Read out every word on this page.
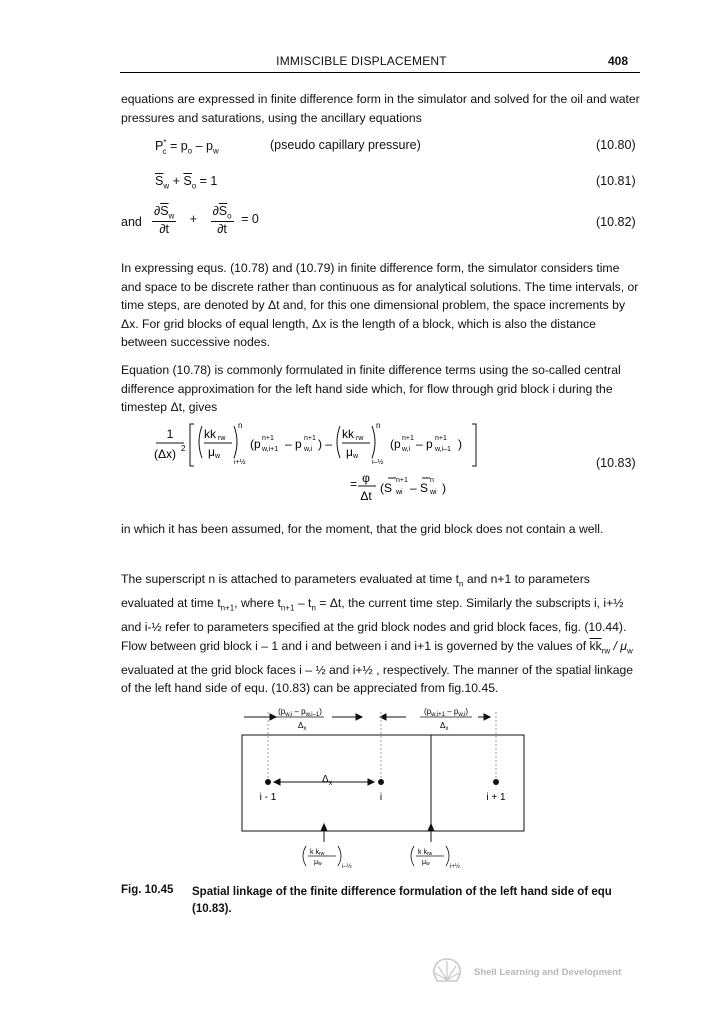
IMMISCIBLE DISPLACEMENT	408
equations are expressed in finite difference form in the simulator and solved for the oil and water pressures and saturations, using the ancillary equations
$P^*_c = p_o - p_w$	(pseudo capillary pressure)	(10.80)
$\overline{S}_w + \overline{S}_o = 1$	(10.81)
and $\frac{\partial\overline{S}_w}{\partial t} + \frac{\partial\overline{S}_o}{\partial t} = 0$	(10.82)
In expressing equs. (10.78) and (10.79) in finite difference form, the simulator considers time and space to be discrete rather than continuous as for analytical solutions. The time intervals, or time steps, are denoted by Δt and, for this one dimensional problem, the space increments by Δx. For grid blocks of equal length, Δx is the length of a block, which is also the distance between successive nodes.
Equation (10.78) is commonly formulated in finite difference terms using the so-called central difference approximation for the left hand side which, for flow through grid block i during the timestep Δt, gives
1
(Δx) 2
kk rw
μ w
n
i+½
(p n+1
w,i+1 – p n+1
w,i ) –
kk rw
μ w
n
i–½
(p n+1
w,i – p n+1
w,i–1 )
= φ
Δt
(S wi
n+1
– S wi
n
)
(10.83)
in which it has been assumed, for the moment, that the grid block does not contain a well.
The superscript n is attached to parameters evaluated at time $t_n$ and n+1 to parameters evaluated at time $t_{n+1}$, where $t_{n+1} - t_n = \Delta t$, the current time step. Similarly the subscripts i, i+½ and i-½ refer to parameters specified at the grid block nodes and grid block faces, fig. (10.44). Flow between grid block i – 1 and i and between i and i+1 is governed by the values of $\overline{kk}_{rw} / \mu_w$ evaluated at the grid block faces i – ½ and i+½ , respectively. The manner of the spatial linkage of the left hand side of equ. (10.83) can be appreciated from fig.10.45.
$(p_{w,i} - p_{w,i-1})$
$\Delta_x$
$(p_{w,i+1} - p_{w,i})$
$\Delta_x$
$\Delta_x$
i - 1	i	i + 1
k krw
μw	i–½
k krw
μw	i+½
Fig. 10.45 Spatial linkage of the finite difference formulation of the left hand side of equ (10.83).
Shell Learning and Development
